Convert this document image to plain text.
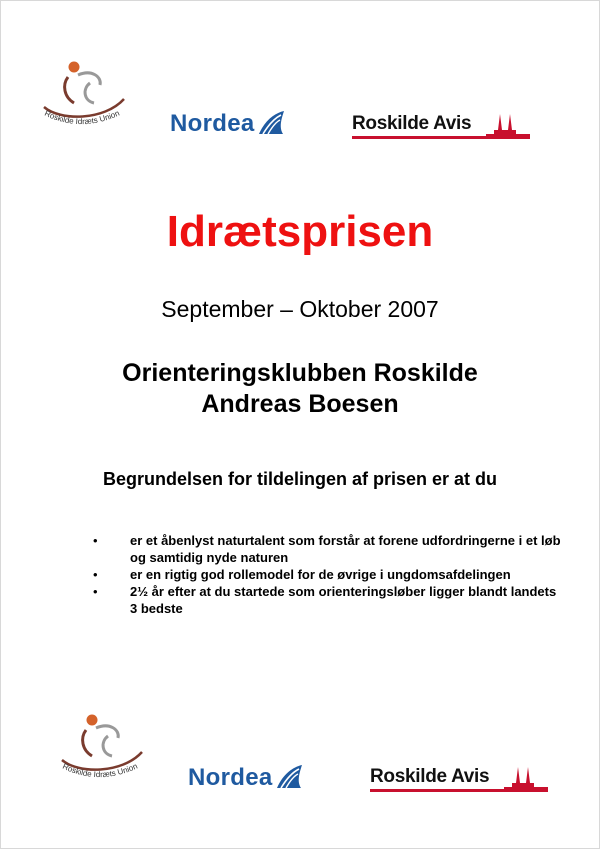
Roskilde Idræts Union Nordea	Roskilde Avis
Idrætsprisen
September – Oktober 2007
Orienteringsklubben Roskilde
Andreas Boesen
Begrundelsen for tildelingen af prisen er at du
• er et åbenlyst naturtalent som forstår at forene udfordringerne i et løb og samtidig nyde naturen
• er en rigtig god rollemodel for de øvrige i ungdomsafdelingen
• 2½ år efter at du startede som orienteringsløber ligger blandt landets 3 bedste
Roskilde Idræts Union Nordea	Roskilde Avis
